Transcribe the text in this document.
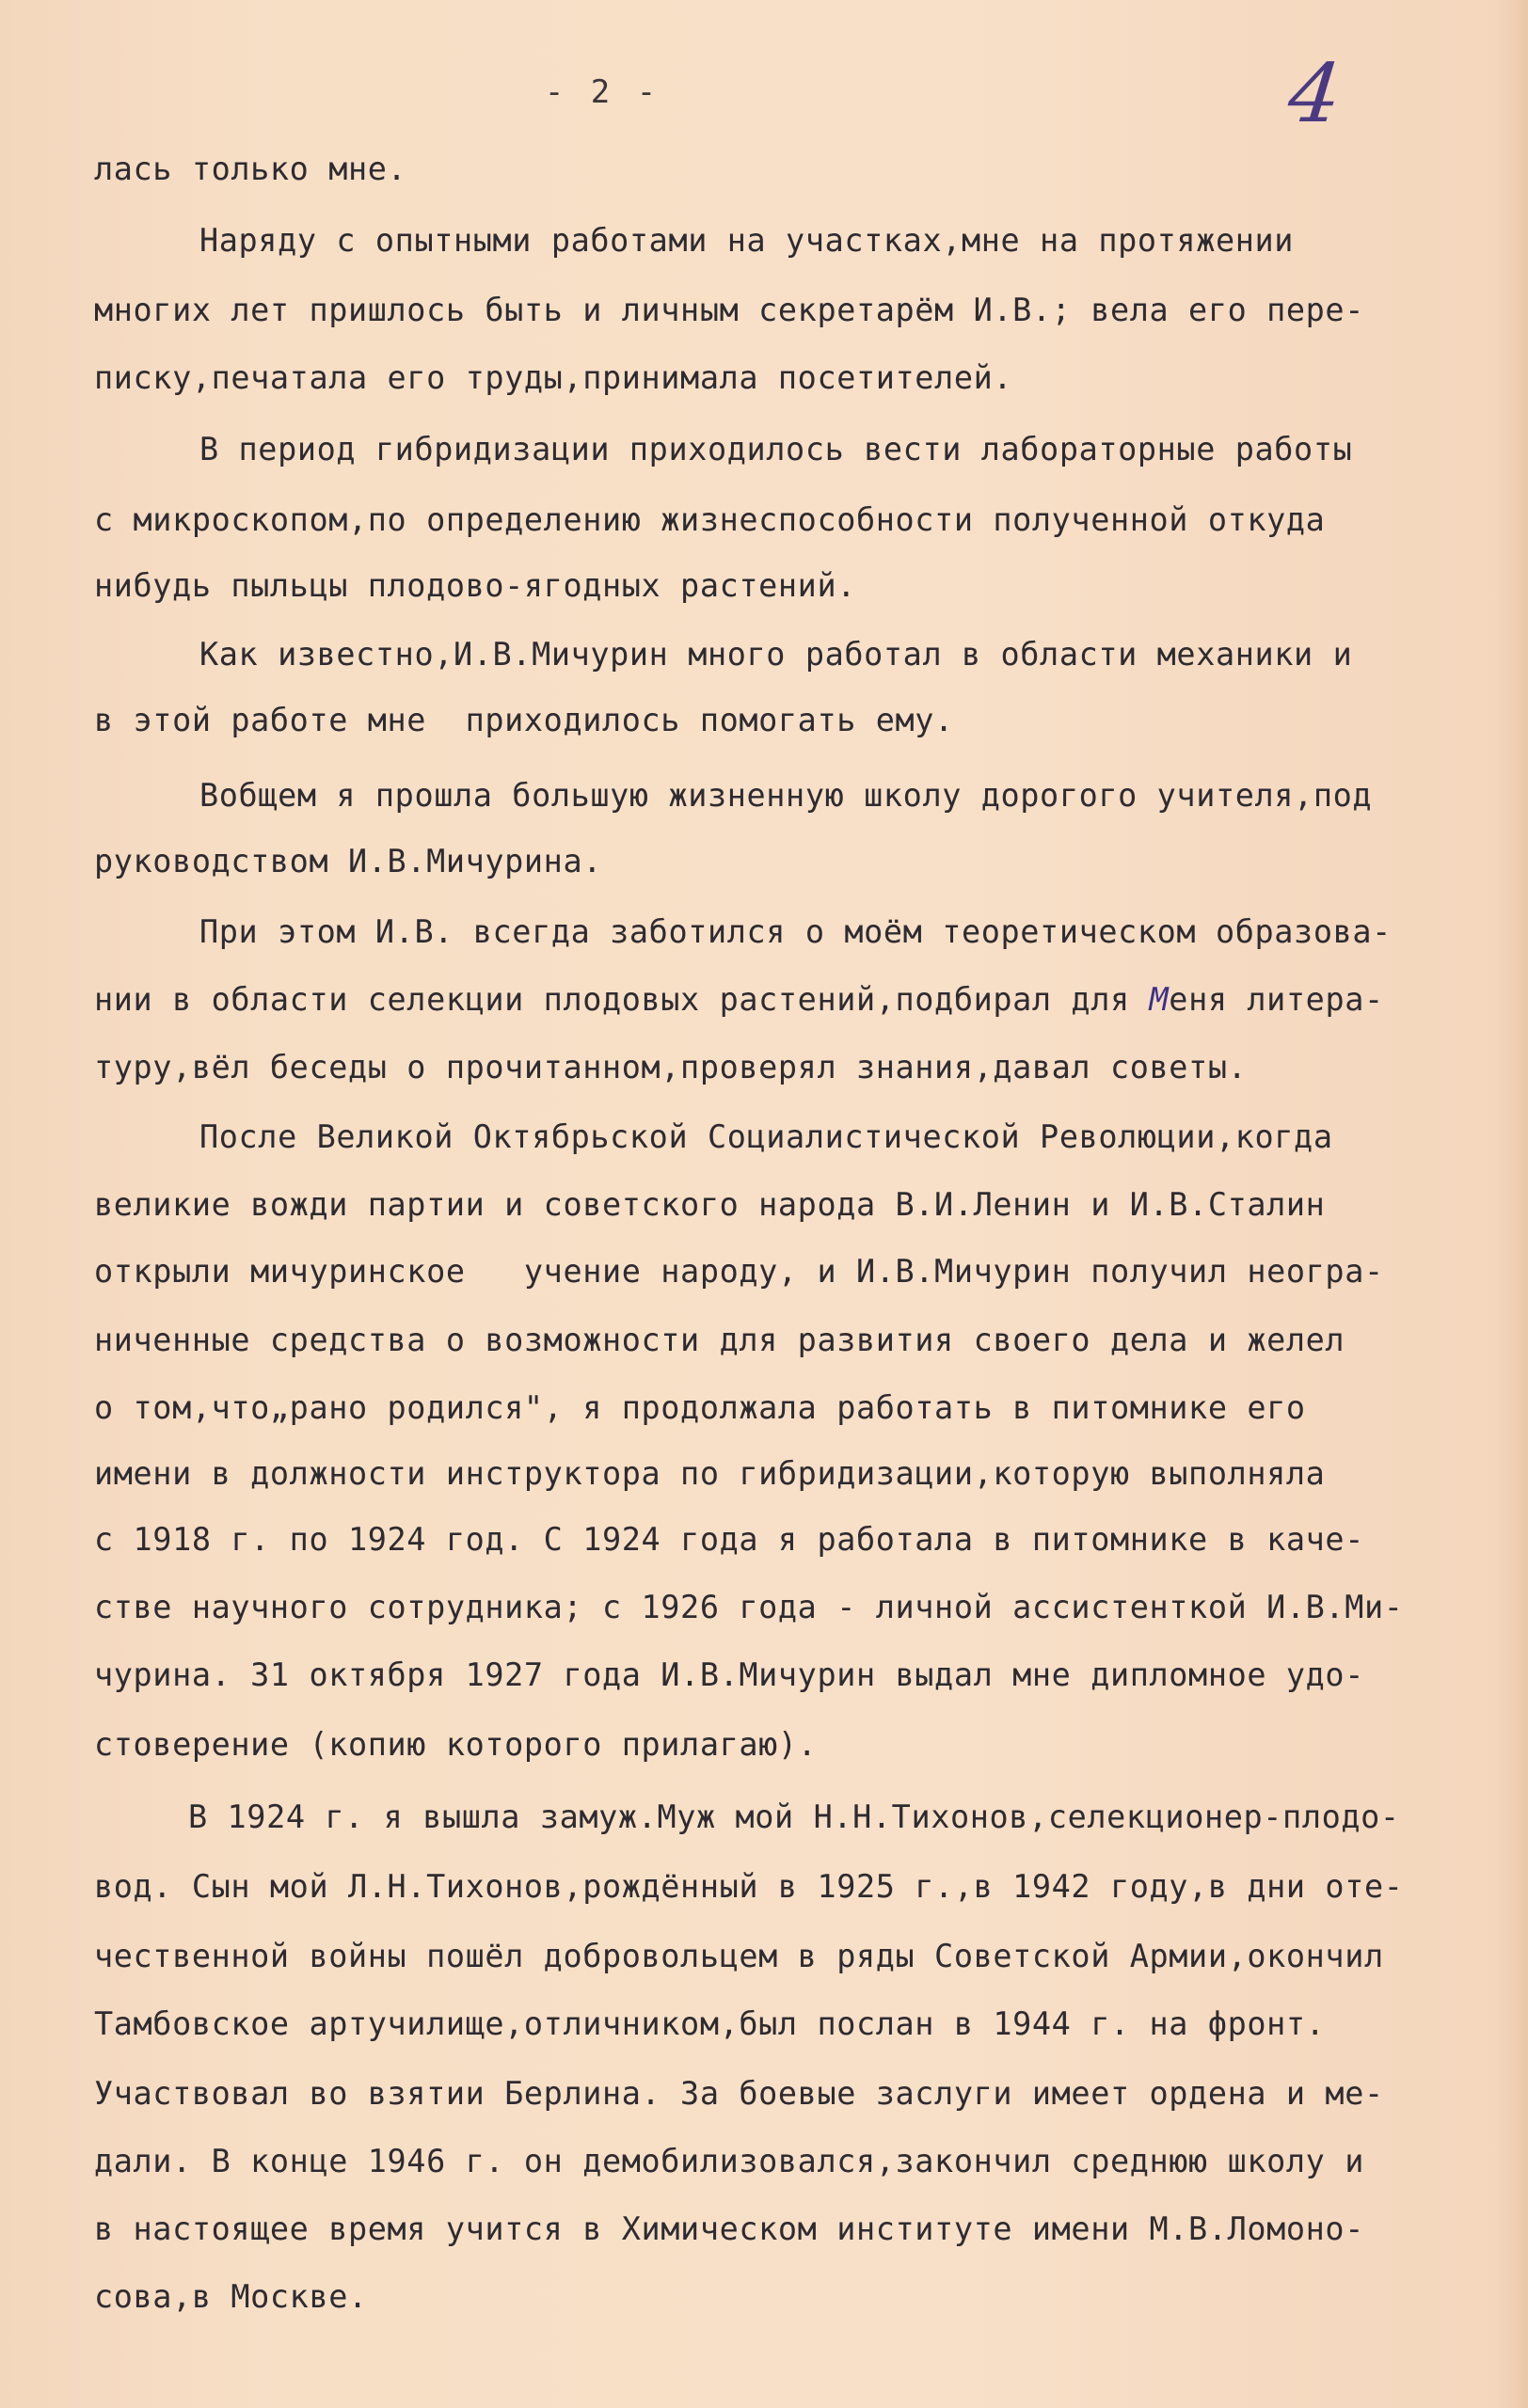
- 2 -	4
лась только мне.
Наряду с опытными работами на участках,мне на протяжении
многих лет пришлось быть и личным секретарём И.В.; вела его пере-
писку,печатала его труды,принимала посетителей.
В период гибридизации приходилось вести лабораторные работы
с микроскопом,по определению жизнеспособности полученной откуда
нибудь пыльцы плодово-ягодных растений.
Как известно,И.В.Мичурин много работал в области механики и
в этой работе мне  приходилось помогать ему.
Вобщем я прошла большую жизненную школу дорогого учителя,под
руководством И.В.Мичурина.
При этом И.В. всегда заботился о моём теоретическом образова-
нии в области селекции плодовых растений,подбирал для Меня литера-
туру,вёл беседы о прочитанном,проверял знания,давал советы.
После Великой Октябрьской Социалистической Революции,когда
великие вожди партии и советского народа В.И.Ленин и И.В.Сталин
открыли мичуринское   учение народу, и И.В.Мичурин получил неогра-
ниченные средства о возможности для развития своего дела и желел
о том,что„рано родился", я продолжала работать в питомнике его
имени в должности инструктора по гибридизации,которую выполняла
с 1918 г. по 1924 год. С 1924 года я работала в питомнике в каче-
стве научного сотрудника; с 1926 года - личной ассистенткой И.В.Ми-
чурина. 31 октября 1927 года И.В.Мичурин выдал мне дипломное удо-
стоверение (копию которого прилагаю).
В 1924 г. я вышла замуж.Муж мой Н.Н.Тихонов,селекционер-плодо-
вод. Сын мой Л.Н.Тихонов,рождённый в 1925 г.,в 1942 году,в дни оте-
чественной войны пошёл добровольцем в ряды Советской Армии,окончил
Тамбовское артучилище,отличником,был послан в 1944 г. на фронт.
Участвовал во взятии Берлина. За боевые заслуги имеет ордена и ме-
дали. В конце 1946 г. он демобилизовался,закончил среднюю школу и
в настоящее время учится в Химическом институте имени М.В.Ломоно-
сова,в Москве.
